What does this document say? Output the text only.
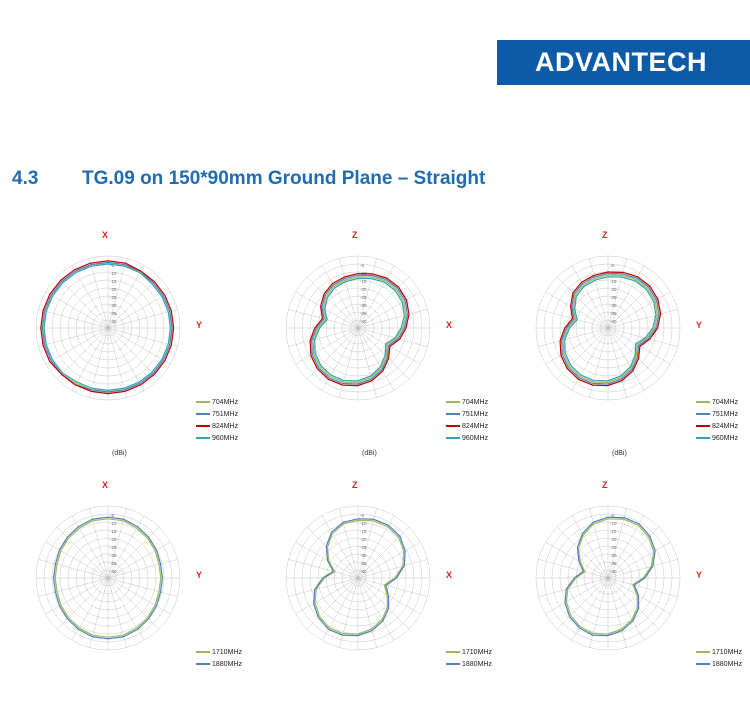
ADVANTECH
4.3 TG.09 on 150*90mm Ground Plane – Straight
-5
-10
-15
-20
-25
-30
-35
-40
X
Y
(dBi)
704MHz
751MHz
824MHz
960MHz
-5
-10
-15
-20
-25
-30
-35
-40
Z
X
(dBi)
704MHz
751MHz
824MHz
960MHz
-5
-10
-15
-20
-25
-30
-35
-40
Z
Y
(dBi)
704MHz
751MHz
824MHz
960MHz
-5
-10
-15
-20
-25
-30
-35
-40
X
Y
1710MHz
1880MHz
-5
-10
-15
-20
-25
-30
-35
-40
Z
X
1710MHz
1880MHz
-5
-10
-15
-20
-25
-30
-35
-40
Z
Y
1710MHz
1880MHz
